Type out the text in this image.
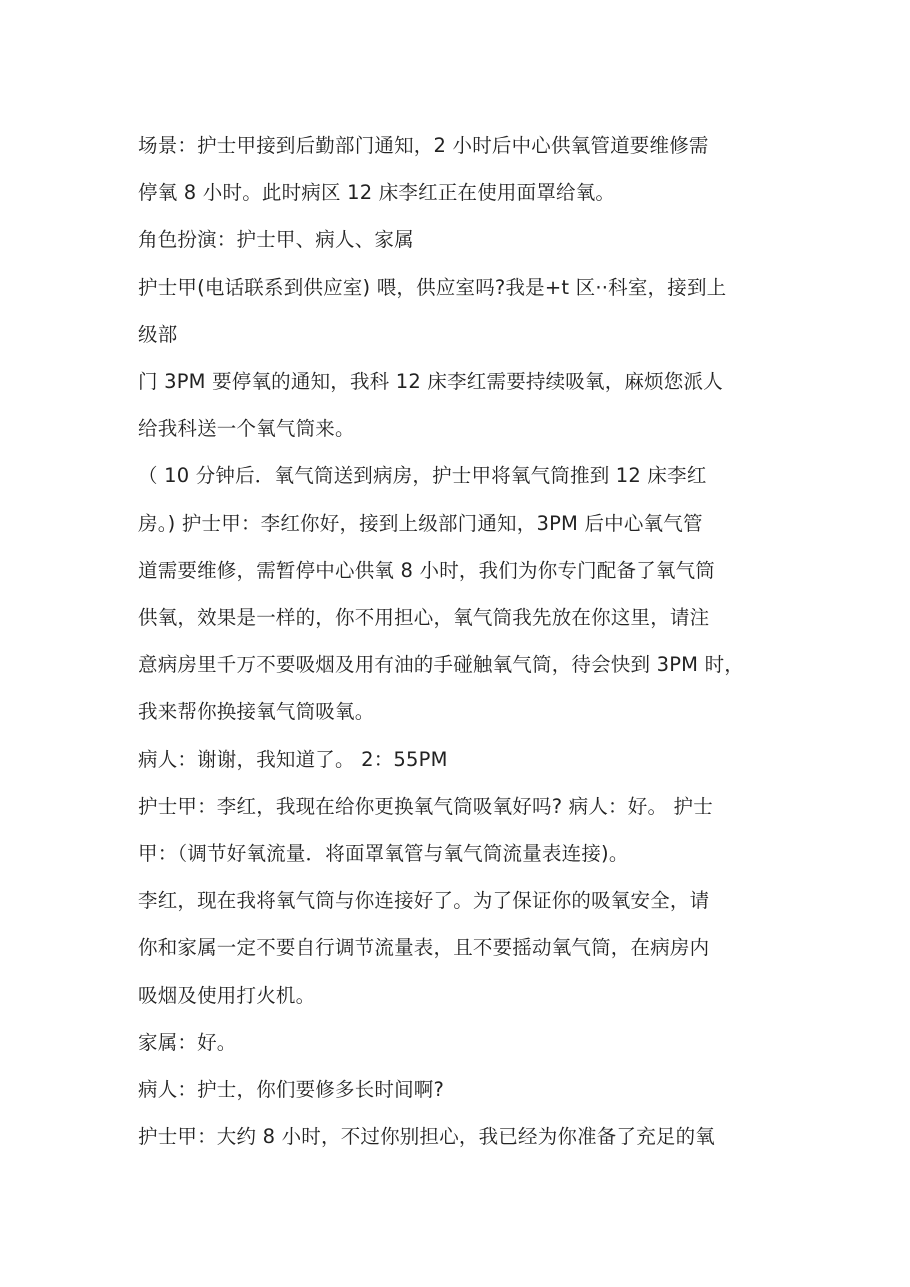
场景：护士甲接到后勤部门通知，2 小时后中心供氧管道要维修需
停氧 8 小时。此时病区 12 床李红正在使用面罩给氧。
角色扮演：护士甲、病人、家属
护士甲(电话联系到供应室) 喂，供应室吗?我是+t 区··科室，接到上
级部
门 3PM 要停氧的通知，我科 12 床李红需要持续吸氧，麻烦您派人
给我科送一个氧气筒来。
（ 10 分钟后．氧气筒送到病房，护士甲将氧气筒推到 12 床李红
房。) 护士甲：李红你好，接到上级部门通知，3PM 后中心氧气管
道需要维修，需暂停中心供氧 8 小时，我们为你专门配备了氧气筒
供氧，效果是一样的，你不用担心，氧气筒我先放在你这里，请注
意病房里千万不要吸烟及用有油的手碰触氧气筒，待会快到 3PM 时，
我来帮你换接氧气筒吸氧。
病人：谢谢，我知道了。 2：55PM
护士甲：李红，我现在给你更换氧气筒吸氧好吗? 病人：好。 护士
甲：（调节好氧流量．将面罩氧管与氧气筒流量表连接)。
李红，现在我将氧气筒与你连接好了。为了保证你的吸氧安全，请
你和家属一定不要自行调节流量表，且不要摇动氧气筒，在病房内
吸烟及使用打火机。
家属：好。
病人：护士，你们要修多长时间啊?
护士甲：大约 8 小时，不过你别担心，我已经为你准备了充足的氧
